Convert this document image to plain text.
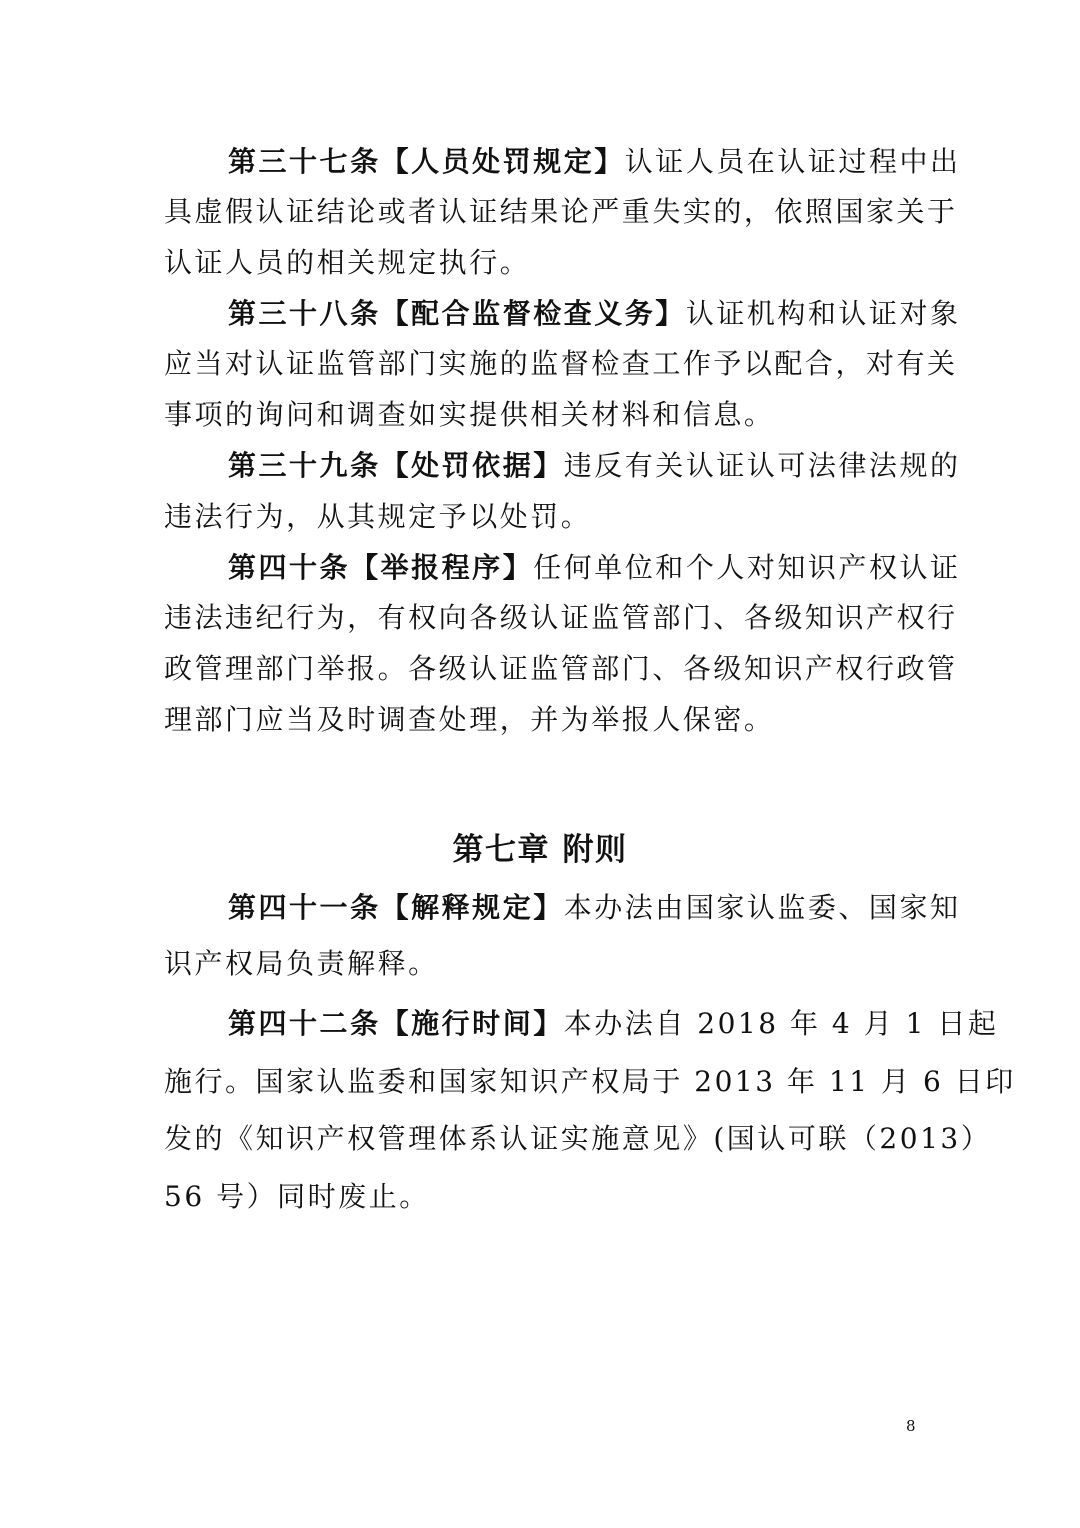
第三十七条【人员处罚规定】认证人员在认证过程中出
具虚假认证结论或者认证结果论严重失实的，依照国家关于
认证人员的相关规定执行。
第三十八条【配合监督检查义务】认证机构和认证对象
应当对认证监管部门实施的监督检查工作予以配合，对有关
事项的询问和调查如实提供相关材料和信息。
第三十九条【处罚依据】违反有关认证认可法律法规的
违法行为，从其规定予以处罚。
第四十条【举报程序】任何单位和个人对知识产权认证
违法违纪行为，有权向各级认证监管部门、各级知识产权行
政管理部门举报。各级认证监管部门、各级知识产权行政管
理部门应当及时调查处理，并为举报人保密。
第七章 附则
第四十一条【解释规定】本办法由国家认监委、国家知
识产权局负责解释。
第四十二条【施行时间】本办法自 2018 年 4 月 1 日起
施行。国家认监委和国家知识产权局于 2013 年 11 月 6 日印
发的《知识产权管理体系认证实施意见》(国认可联（2013）
56 号）同时废止。
8
